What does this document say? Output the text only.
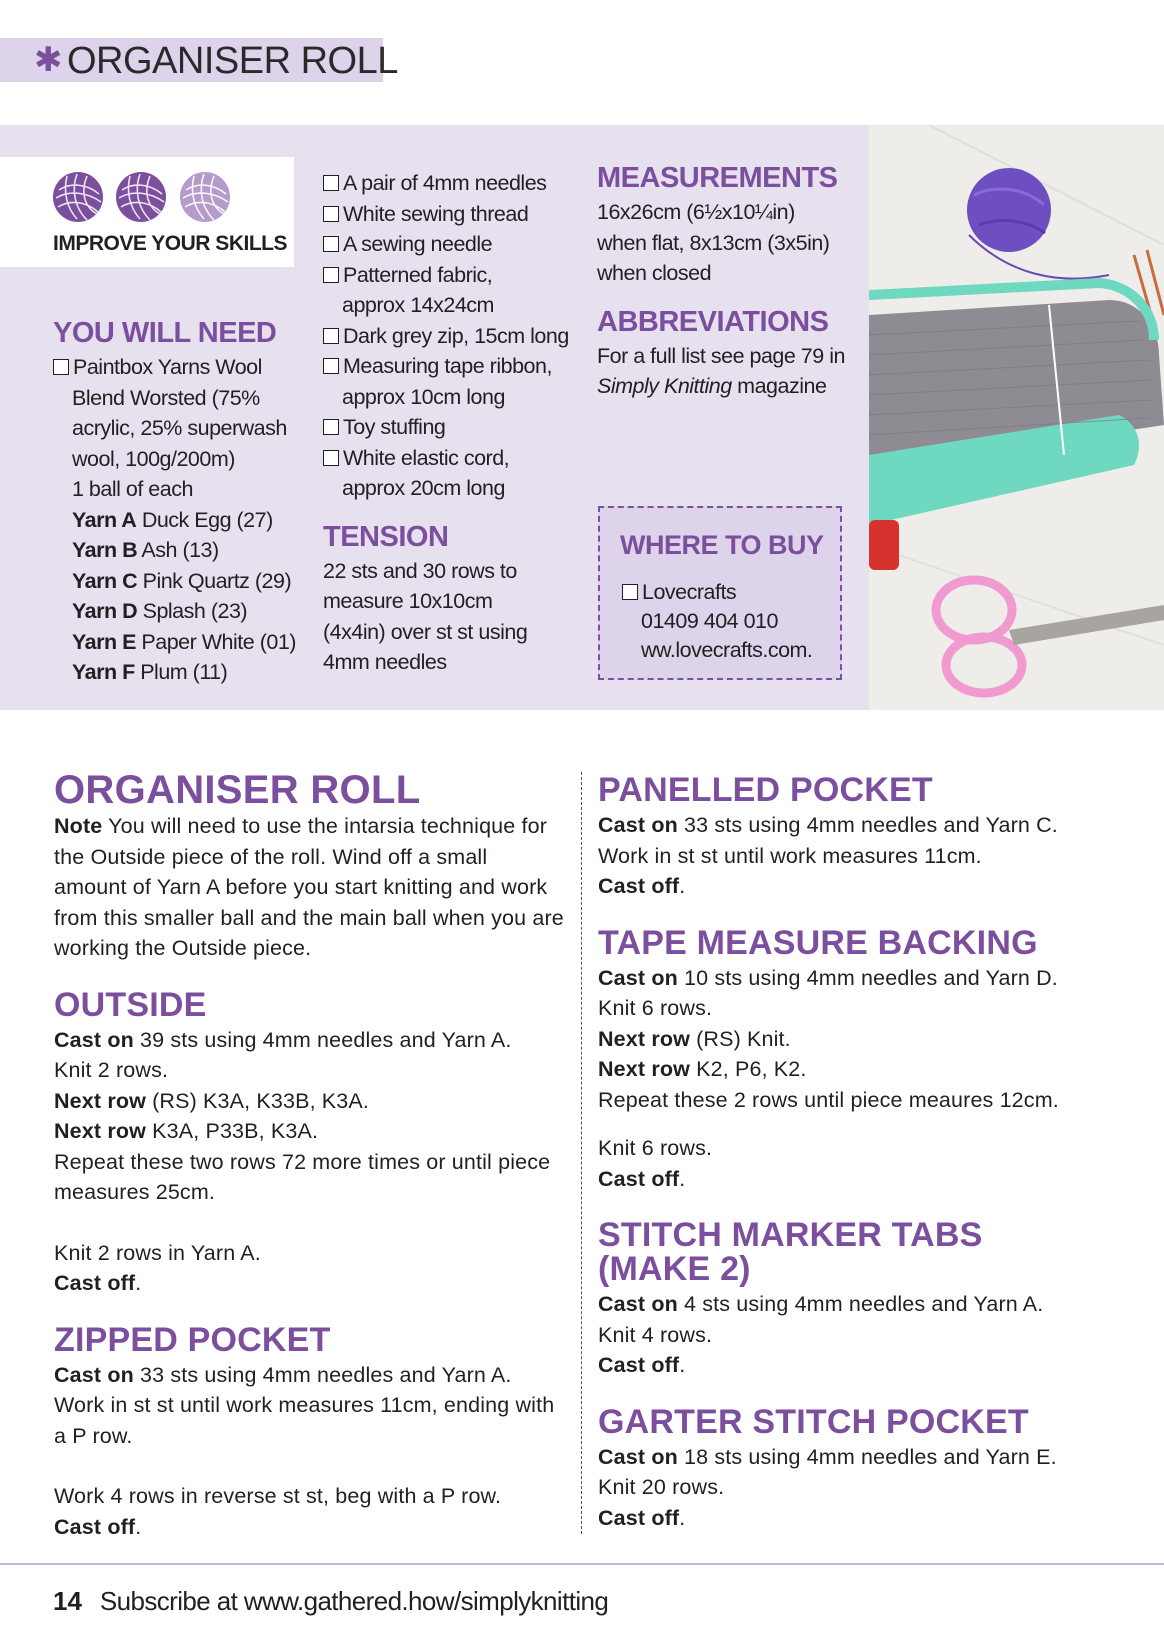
✱ ORGANISER ROLL
IMPROVE YOUR SKILLS
YOU WILL NEED
Paintbox Yarns Wool
Blend Worsted (75%
acrylic, 25% superwash
wool, 100g/200m)
1 ball of each
Yarn A Duck Egg (27)
Yarn B Ash (13)
Yarn C Pink Quartz (29)
Yarn D Splash (23)
Yarn E Paper White (01)
Yarn F Plum (11)
A pair of 4mm needles
White sewing thread
A sewing needle
Patterned fabric,
approx 14x24cm
Dark grey zip, 15cm long
Measuring tape ribbon,
approx 10cm long
Toy stuffing
White elastic cord,
approx 20cm long
TENSION
22 sts and 30 rows to
measure 10x10cm
(4x4in) over st st using
4mm needles
MEASUREMENTS
16x26cm (6½x10¼in)
when flat, 8x13cm (3x5in)
when closed
ABBREVIATIONS
For a full list see page 79 in
Simply Knitting magazine
WHERE TO BUY
Lovecrafts
01409 404 010
ww.lovecrafts.com.
ORGANISER ROLL
Note You will need to use the intarsia technique for the Outside piece of the roll. Wind off a small amount of Yarn A before you start knitting and work from this smaller ball and the main ball when you are working the Outside piece.
OUTSIDE
Cast on 39 sts using 4mm needles and Yarn A.
Knit 2 rows.
Next row (RS) K3A, K33B, K3A.
Next row K3A, P33B, K3A.
Repeat these two rows 72 more times or until piece measures 25cm.
Knit 2 rows in Yarn A.
Cast off.
ZIPPED POCKET
Cast on 33 sts using 4mm needles and Yarn A.
Work in st st until work measures 11cm, ending with a P row.
Work 4 rows in reverse st st, beg with a P row.
Cast off.
PANELLED POCKET
Cast on 33 sts using 4mm needles and Yarn C.
Work in st st until work measures 11cm.
Cast off.
TAPE MEASURE BACKING
Cast on 10 sts using 4mm needles and Yarn D.
Knit 6 rows.
Next row (RS) Knit.
Next row K2, P6, K2.
Repeat these 2 rows until piece meaures 12cm.
Knit 6 rows.
Cast off.
STITCH MARKER TABS
(MAKE 2)
Cast on 4 sts using 4mm needles and Yarn A.
Knit 4 rows.
Cast off.
GARTER STITCH POCKET
Cast on 18 sts using 4mm needles and Yarn E.
Knit 20 rows.
Cast off.
14 Subscribe at www.gathered.how/simplyknitting
